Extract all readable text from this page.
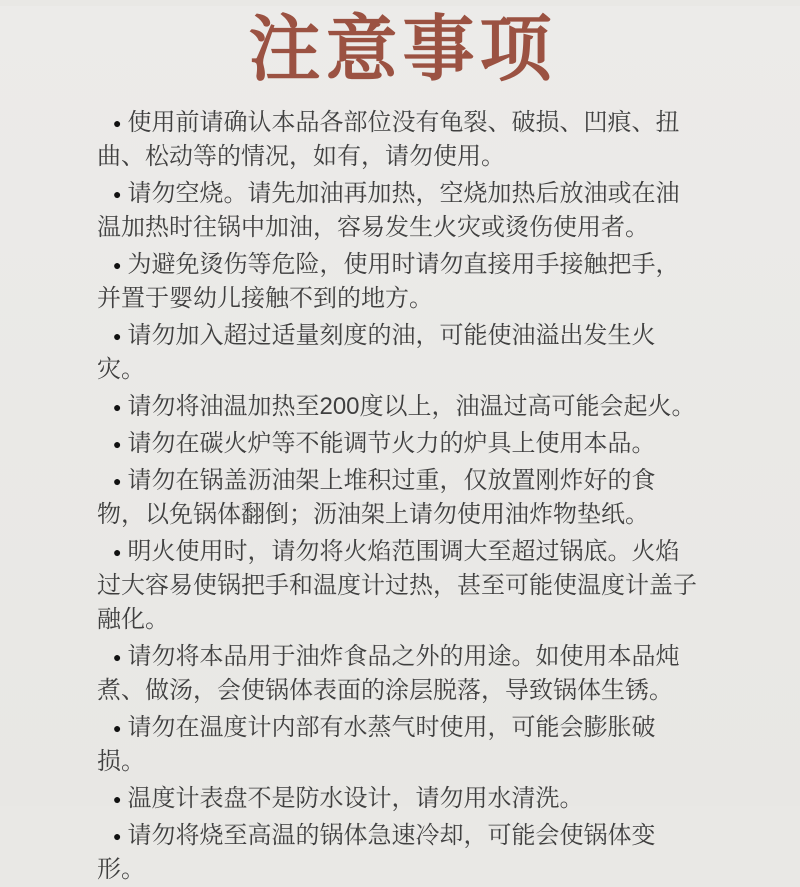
注意事项

● 使用前请确认本品各部位没有龟裂、破损、凹痕、扭曲、松动等的情况，如有，请勿使用。

● 请勿空烧。请先加油再加热，空烧加热后放油或在油温加热时往锅中加油，容易发生火灾或烫伤使用者。

● 为避免烫伤等危险，使用时请勿直接用手接触把手，并置于婴幼儿接触不到的地方。

● 请勿加入超过适量刻度的油，可能使油溢出发生火灾。

● 请勿将油温加热至200度以上，油温过高可能会起火。

● 请勿在碳火炉等不能调节火力的炉具上使用本品。

● 请勿在锅盖沥油架上堆积过重，仅放置刚炸好的食物，以免锅体翻倒；沥油架上请勿使用油炸物垫纸。

● 明火使用时，请勿将火焰范围调大至超过锅底。火焰过大容易使锅把手和温度计过热，甚至可能使温度计盖子融化。

● 请勿将本品用于油炸食品之外的用途。如使用本品炖煮、做汤，会使锅体表面的涂层脱落，导致锅体生锈。

● 请勿在温度计内部有水蒸气时使用，可能会膨胀破损。

● 温度计表盘不是防水设计，请勿用水清洗。

● 请勿将烧至高温的锅体急速冷却，可能会使锅体变形。
